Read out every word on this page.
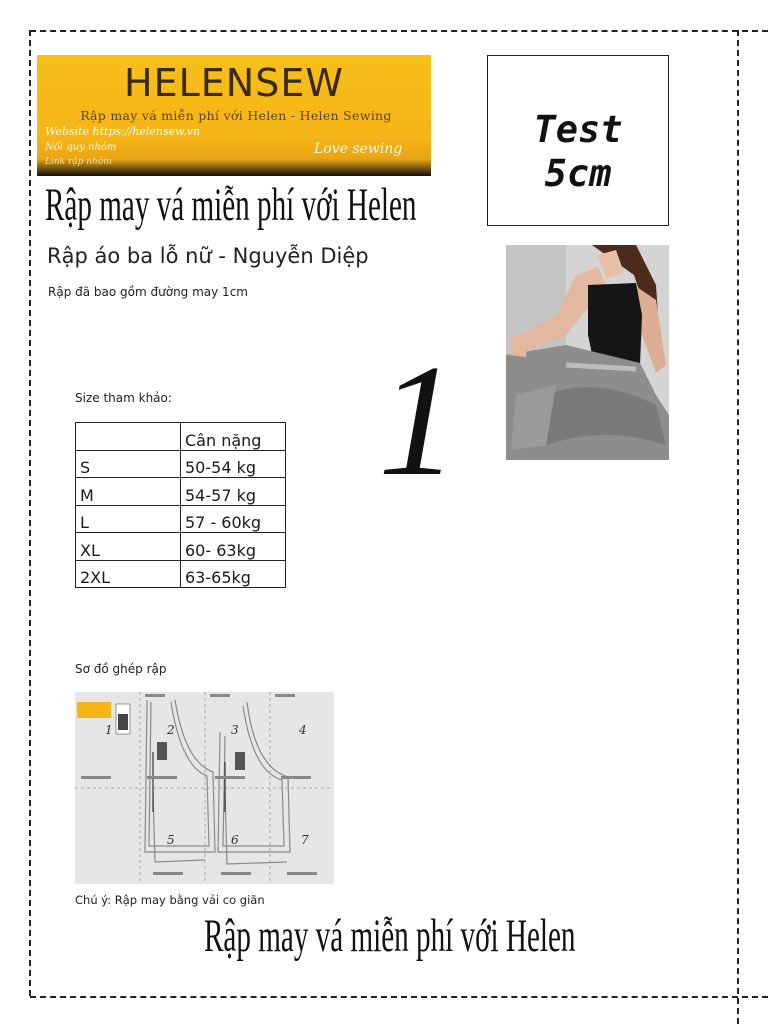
HELENSEW
Rập may vá miễn phí với Helen - Helen Sewing
Website https://helensew.vn
Nối quy nhóm
Link rập nhóm
Love sewing	Test
5cm
Rập may vá miễn phí với Helen
Rập áo ba lỗ nữ - Nguyễn Diệp
Rập đã bao gồm đường may 1cm
1
Size tham khảo:
	Cân nặng
S	50-54 kg
M	54-57 kg
L	57 - 60kg
XL	60- 63kg
2XL	63-65kg
Sơ đồ ghép rập
1	2	3	4
5	6	7
Chú ý: Rập may bằng vải co giãn
Rập may vá miễn phí với Helen
